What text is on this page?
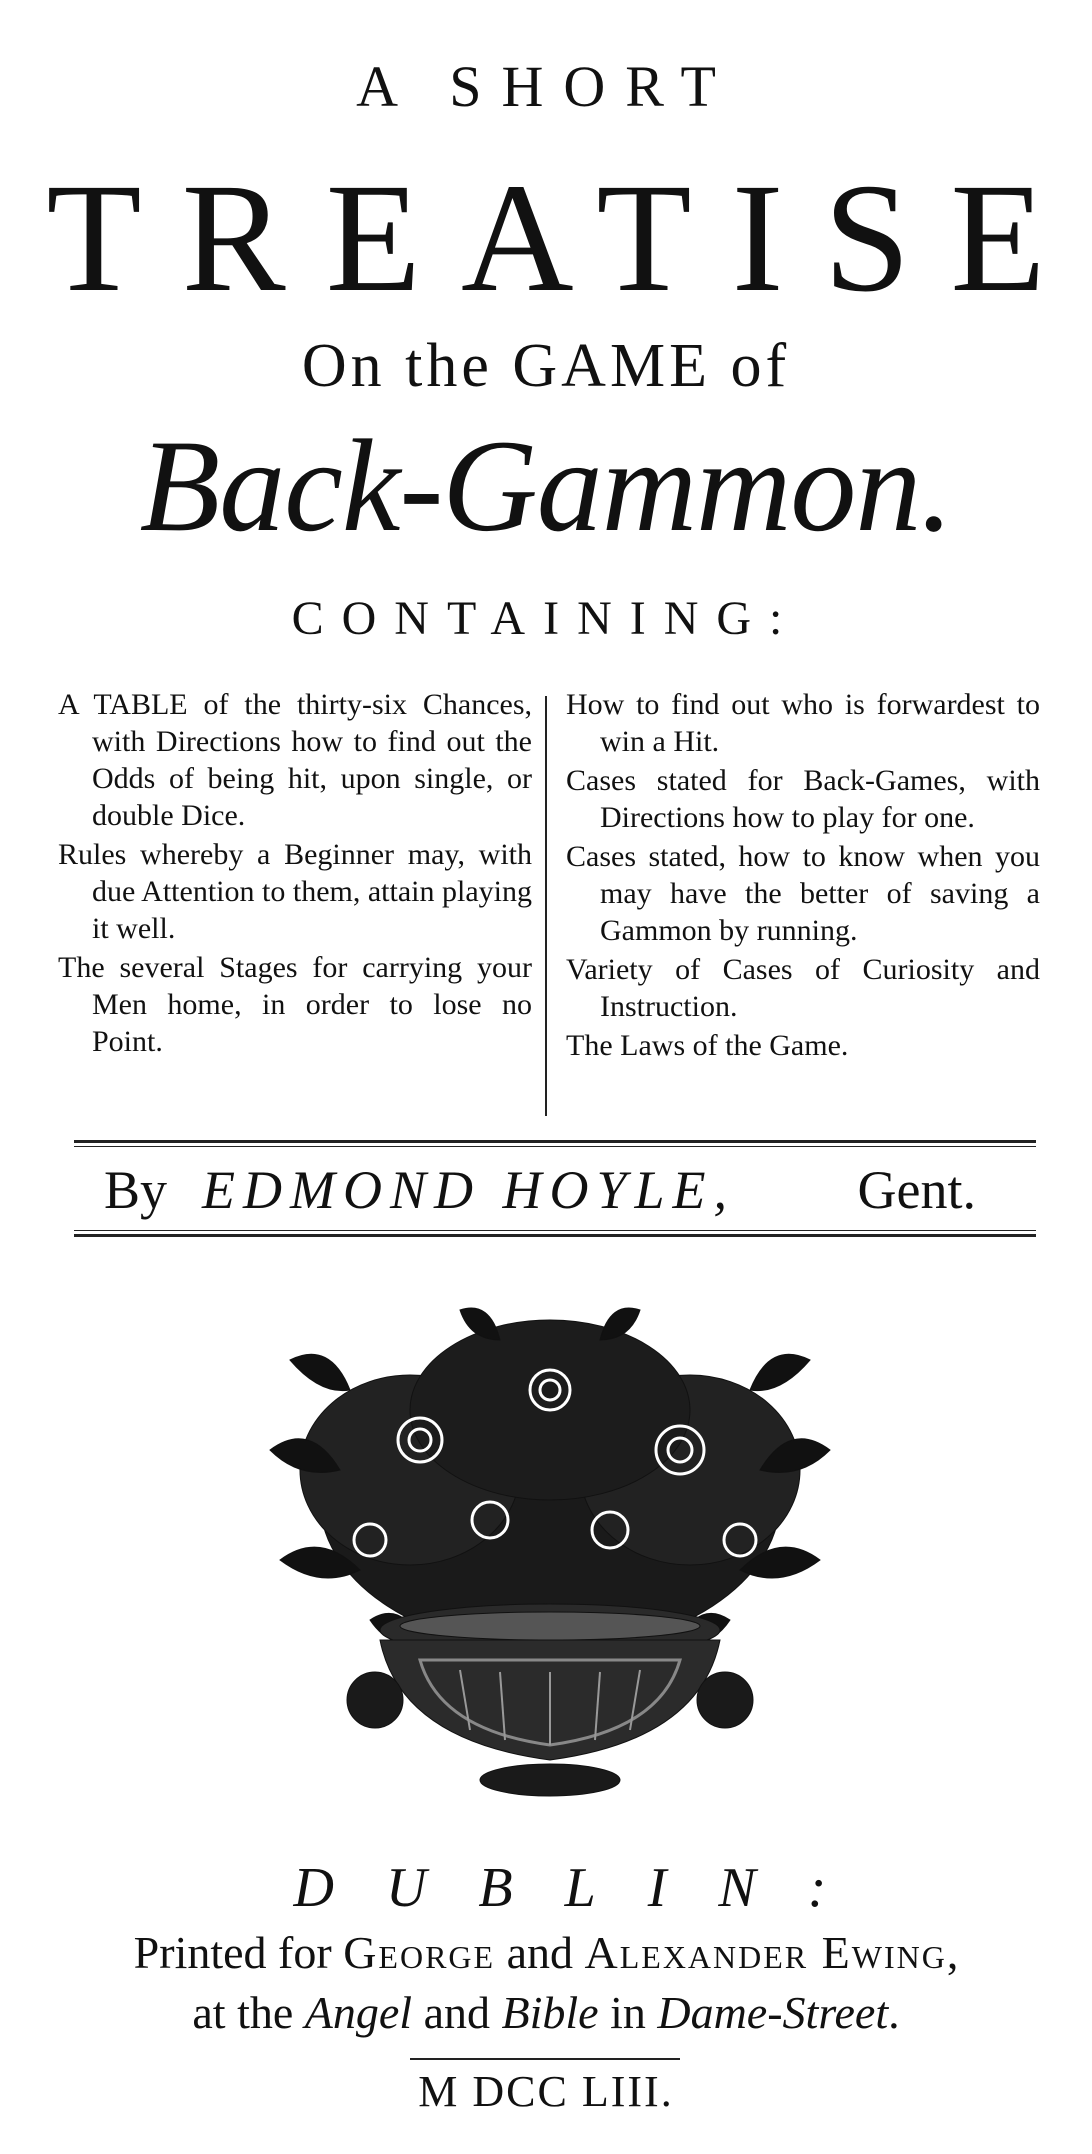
A SHORT
TREATISE
On the GAME of
Back-Gammon.
CONTAINING:

A TABLE of the thirty-six Chances, with Directions how to find out the Odds of being hit, upon single, or double Dice.

Rules whereby a Beginner may, with due Attention to them, attain playing it well.

The several Stages for carrying your Men home, in order to lose no Point.

How to find out who is forwardest to win a Hit.

Cases stated for Back-Games, with Directions how to play for one.

Cases stated, how to know when you may have the better of saving a Gammon by running.

Variety of Cases of Curiosity and Instruction.

The Laws of the Game.

By EDMOND HOYLE, Gent.
DUBLIN:
Printed for George and Alexander Ewing,
at the Angel and Bible in Dame-Street.
M DCC LIII.
